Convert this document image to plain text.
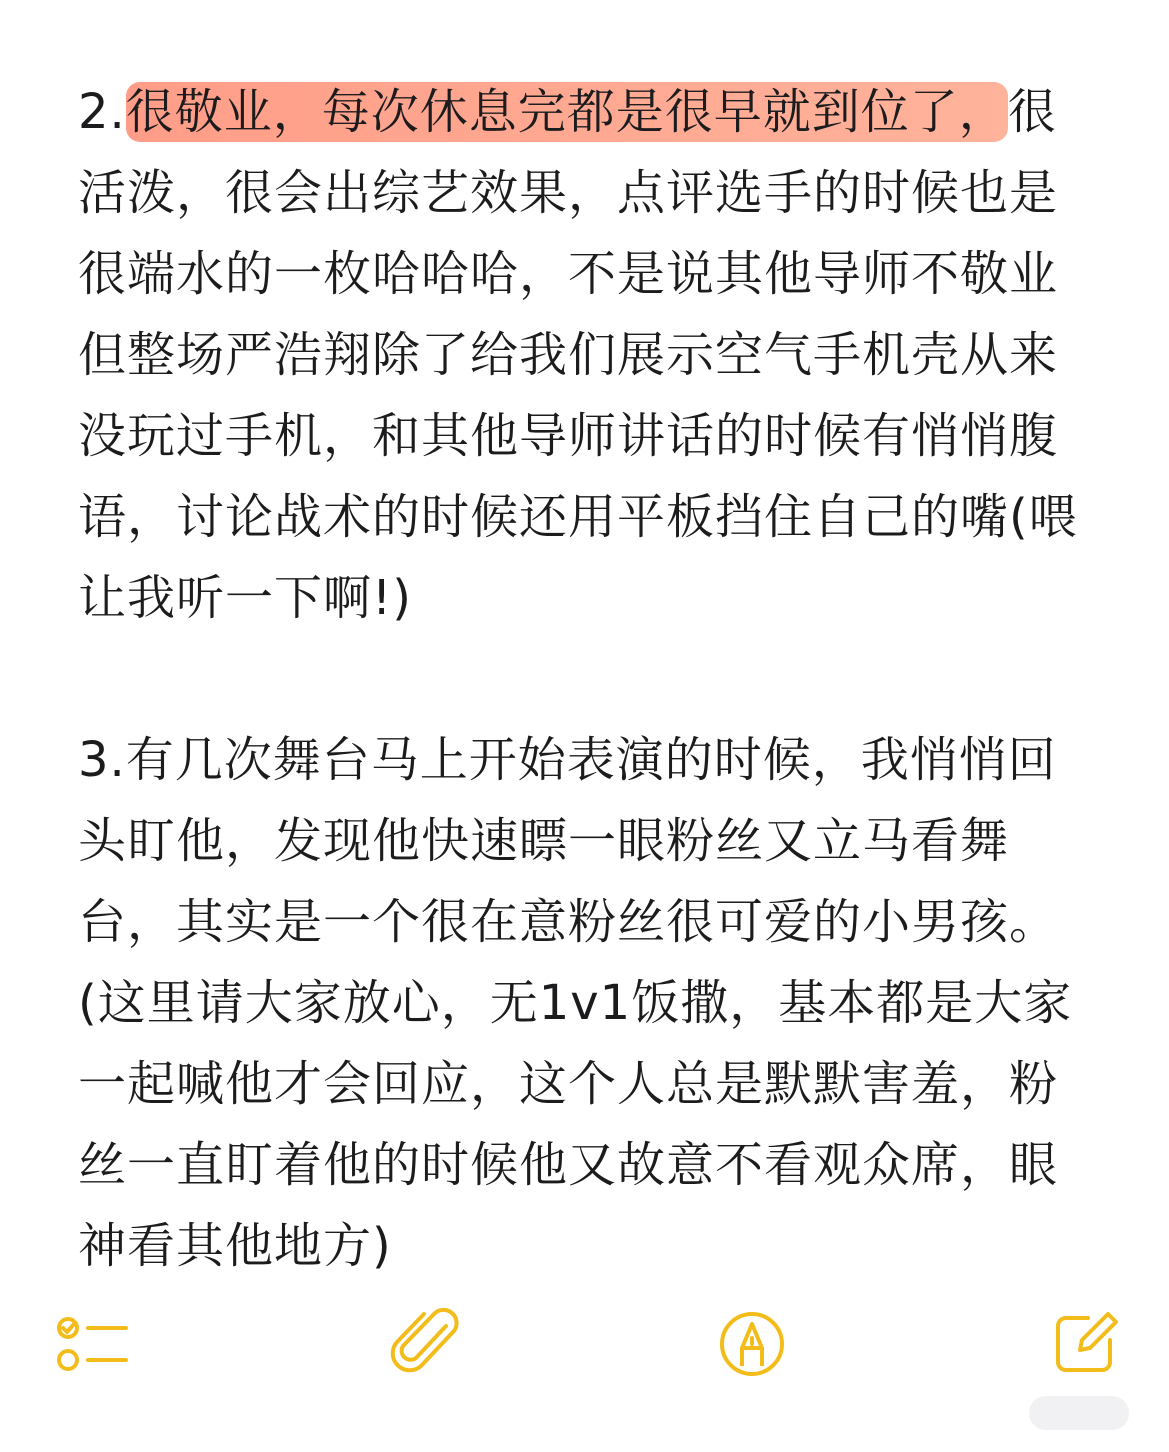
2.很敬业，每次休息完都是很早就到位了，很活泼，很会出综艺效果，点评选手的时候也是很端水的一枚哈哈哈，不是说其他导师不敬业但整场严浩翔除了给我们展示空气手机壳从来没玩过手机，和其他导师讲话的时候有悄悄腹语，讨论战术的时候还用平板挡住自己的嘴(喂让我听一下啊!)

3.有几次舞台马上开始表演的时候，我悄悄回头盯他，发现他快速瞟一眼粉丝又立马看舞台，其实是一个很在意粉丝很可爱的小男孩。(这里请大家放心，无1v1饭撒，基本都是大家一起喊他才会回应，这个人总是默默害羞，粉丝一直盯着他的时候他又故意不看观众席，眼神看其他地方)
